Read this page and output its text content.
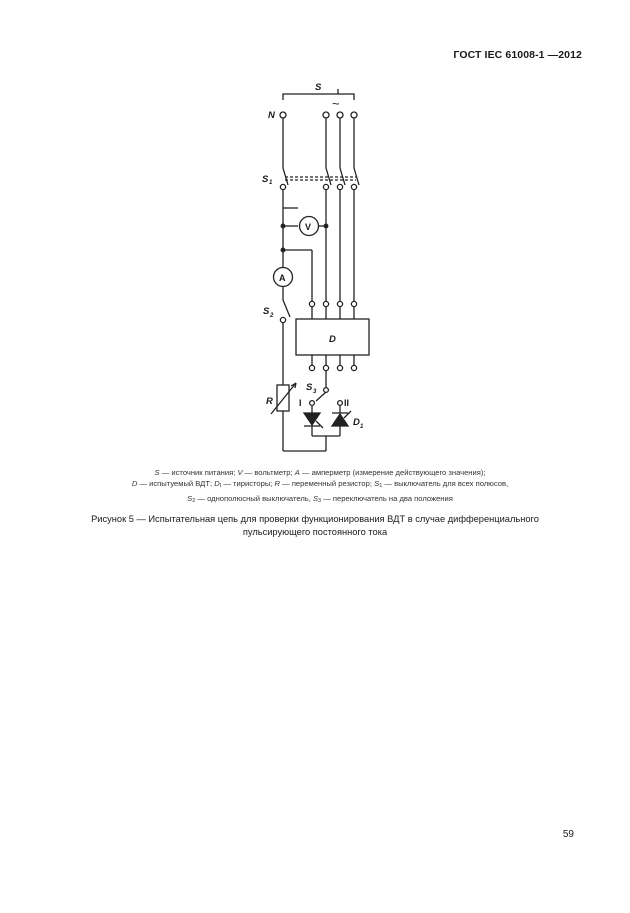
ГОСТ IEC 61008-1 —2012
S
N
~
S 1
V
A
S 2
D
S 3
I	II
R
D 1
S — источник питания; V — вольтметр; A — амперметр (измерение действующего значения);
D — испытуемый ВДТ; $D_I$ — тиристоры; R — переменный резистор; $S_1$ — выключатель для всех полюсов,
$S_2$ — однополюсный выключатель, $S_3$ — переключатель на два положения
Рисунок 5 — Испытательная цепь для проверки функционирования ВДТ в случае дифференциального
пульсирующего постоянного тока
59
